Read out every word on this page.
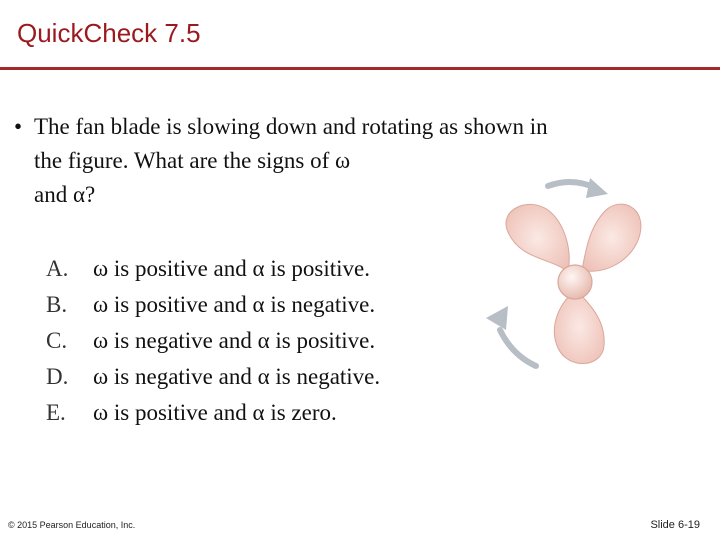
QuickCheck 7.5
• The fan blade is slowing down and rotating as shown in
the figure. What are the signs of ω
and α?
A. ω is positive and α is positive.
B. ω is positive and α is negative.
C. ω is negative and α is positive.
D. ω is negative and α is negative.
E. ω is positive and α is zero.
© 2015 Pearson Education, Inc.	Slide 6-19
